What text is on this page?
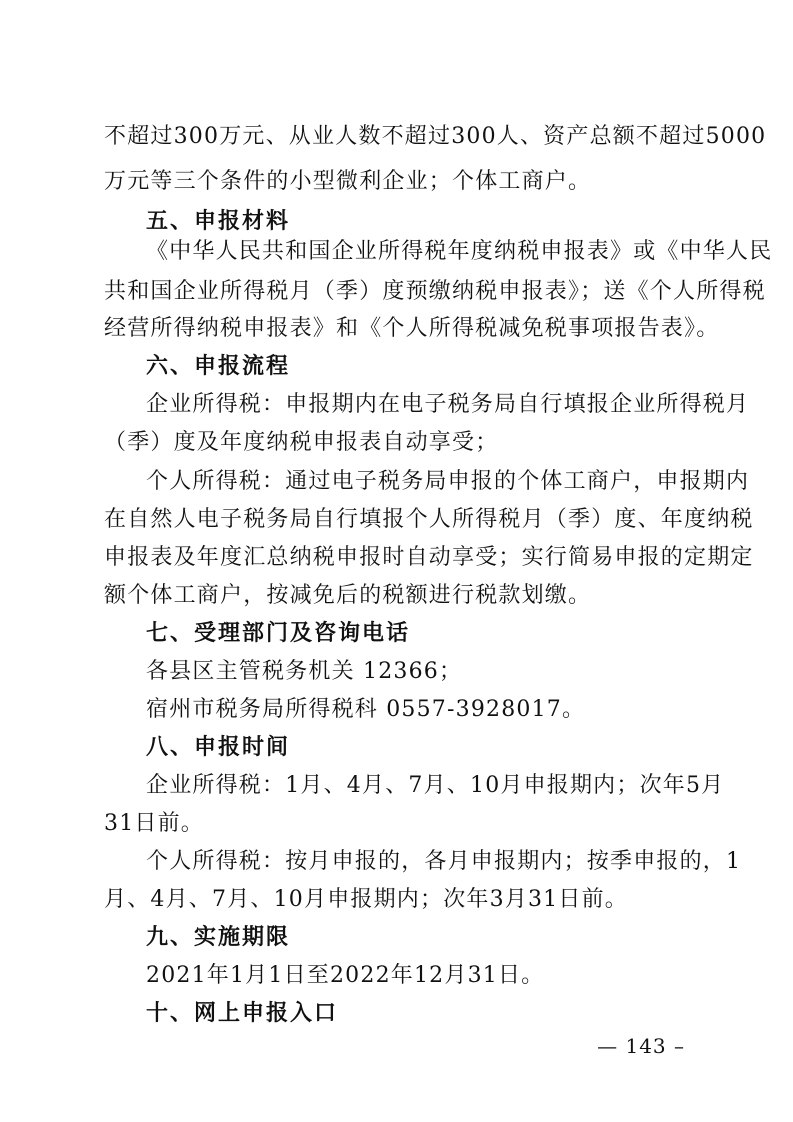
不超过300万元、从业人数不超过300人、资产总额不超过5000
万元等三个条件的小型微利企业；个体工商户。
五、申报材料
《中华人民共和国企业所得税年度纳税申报表》或《中华人民
共和国企业所得税月（季）度预缴纳税申报表》；送《个人所得税
经营所得纳税申报表》和《个人所得税减免税事项报告表》。
六、申报流程
企业所得税：申报期内在电子税务局自行填报企业所得税月
（季）度及年度纳税申报表自动享受；
个人所得税：通过电子税务局申报的个体工商户，申报期内
在自然人电子税务局自行填报个人所得税月（季）度、年度纳税
申报表及年度汇总纳税申报时自动享受；实行简易申报的定期定
额个体工商户，按减免后的税额进行税款划缴。
七、受理部门及咨询电话
各县区主管税务机关 12366；
宿州市税务局所得税科 0557-3928017。
八、申报时间
企业所得税：1月、4月、7月、10月申报期内；次年5月
31日前。
个人所得税：按月申报的，各月申报期内；按季申报的，1
月、4月、7月、10月申报期内；次年3月31日前。
九、实施期限
2021年1月1日至2022年12月31日。
十、网上申报入口
— 143 –
